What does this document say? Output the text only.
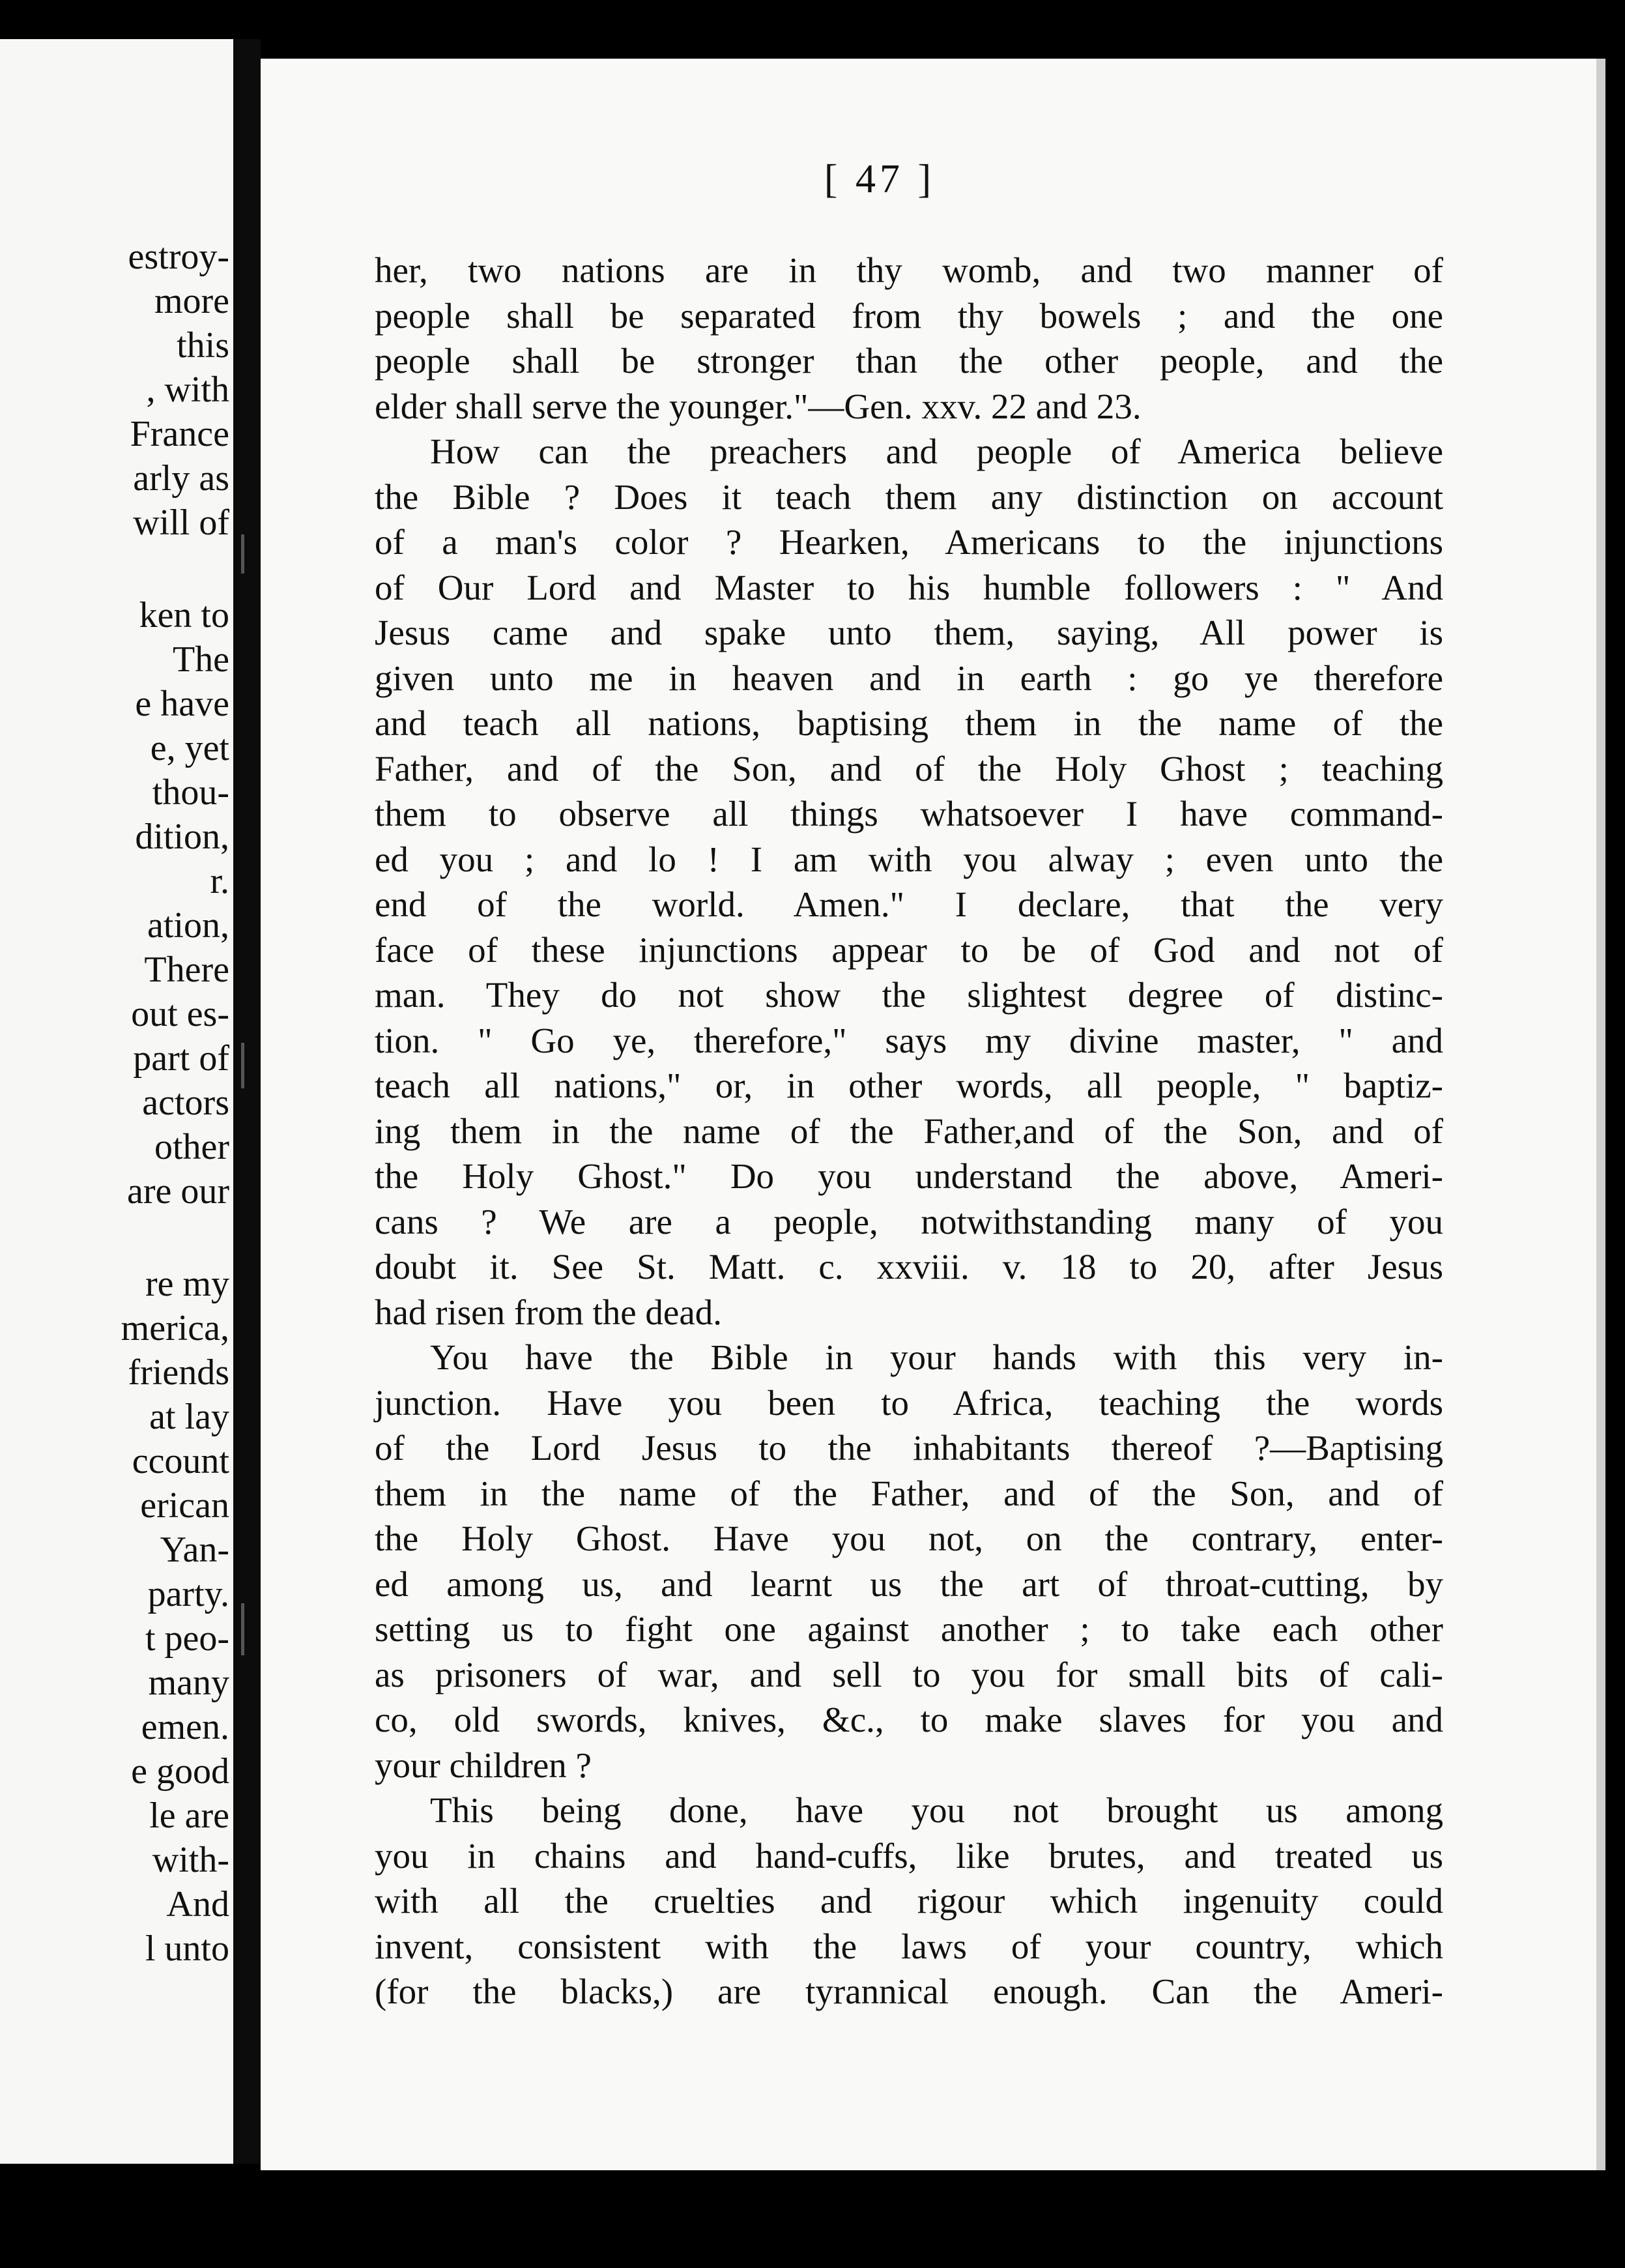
estroy-
more
this
, with
France
arly as
will of
ken to
The
e have
e, yet
thou-
dition,
r.
ation,
There
out es-
part of
actors
other
are our
re my
merica,
friends
at lay
ccount
erican
Yan-
party.
t peo-
many
emen.
e good
le are
with-
And
l unto
[ 47 ]
her, two nations are in thy womb, and two manner of
people shall be separated from thy bowels ; and the one
people shall be stronger than the other people, and the
elder shall serve the younger."—Gen. xxv. 22 and 23.
How can the preachers and people of America believe
the Bible ? Does it teach them any distinction on account
of a man's color ? Hearken, Americans to the injunctions
of Our Lord and Master to his humble followers : " And
Jesus came and spake unto them, saying, All power is
given unto me in heaven and in earth : go ye therefore
and teach all nations, baptising them in the name of the
Father, and of the Son, and of the Holy Ghost ; teaching
them to observe all things whatsoever I have command-
ed you ; and lo ! I am with you alway ; even unto the
end of the world. Amen." I declare, that the very
face of these injunctions appear to be of God and not of
man. They do not show the slightest degree of distinc-
tion. " Go ye, therefore," says my divine master, " and
teach all nations," or, in other words, all people, " baptiz-
ing them in the name of the Father,and of the Son, and of
the Holy Ghost." Do you understand the above, Ameri-
cans ? We are a people, notwithstanding many of you
doubt it. See St. Matt. c. xxviii. v. 18 to 20, after Jesus
had risen from the dead.
You have the Bible in your hands with this very in-
junction. Have you been to Africa, teaching the words
of the Lord Jesus to the inhabitants thereof ?—Baptising
them in the name of the Father, and of the Son, and of
the Holy Ghost. Have you not, on the contrary, enter-
ed among us, and learnt us the art of throat-cutting, by
setting us to fight one against another ; to take each other
as prisoners of war, and sell to you for small bits of cali-
co, old swords, knives, &c., to make slaves for you and
your children ?
This being done, have you not brought us among
you in chains and hand-cuffs, like brutes, and treated us
with all the cruelties and rigour which ingenuity could
invent, consistent with the laws of your country, which
(for the blacks,) are tyrannical enough. Can the Ameri-
